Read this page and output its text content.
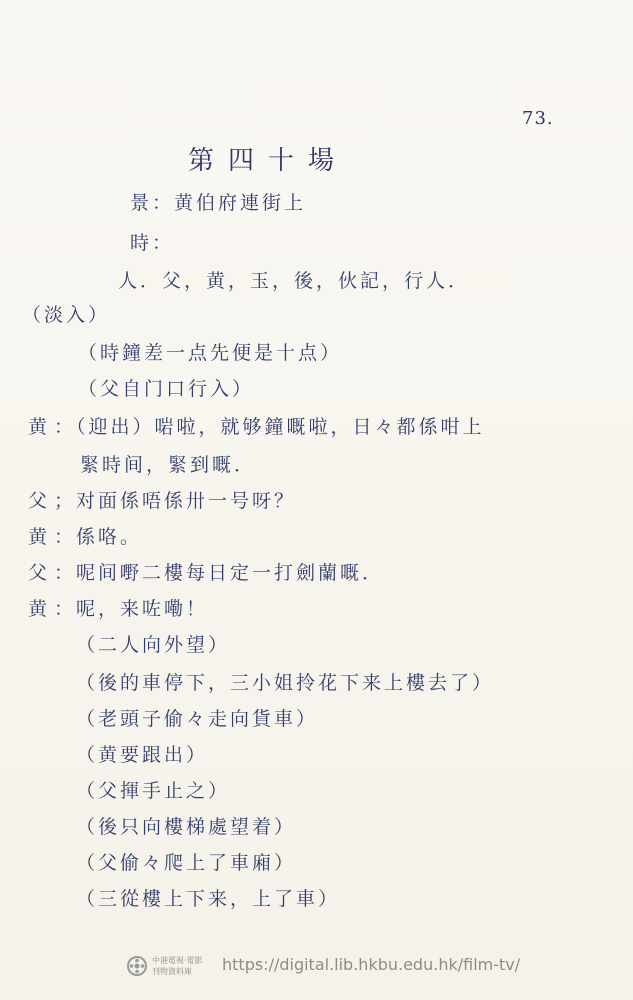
73.
第四十場
景：黄伯府連街上
時：
人．父，黄，玉，後，伙記，行人．
（淡入）
（時鐘差一点先便是十点）
（父自门口行入）
黄 ：（迎出）啱啦，就够鐘嘅啦，日々都係咁上
緊時间，緊到嘅．
父 ；对面係唔係卅一号呀？
黄 ：係咯。
父 ：呢间嘢二樓每日定一打劍蘭嘅．
黄 ：呢，来咗嘞！
（二人向外望）
（後的車停下，三小姐拎花下来上樓去了）
（老頭子偷々走向貨車）
（黄要跟出）
（父揮手止之）
（後只向樓梯處望着）
（父偷々爬上了車廂）
（三從樓上下来，上了車）
中港電視·電影
刊物資料庫 https://digital.lib.hkbu.edu.hk/film-tv/
